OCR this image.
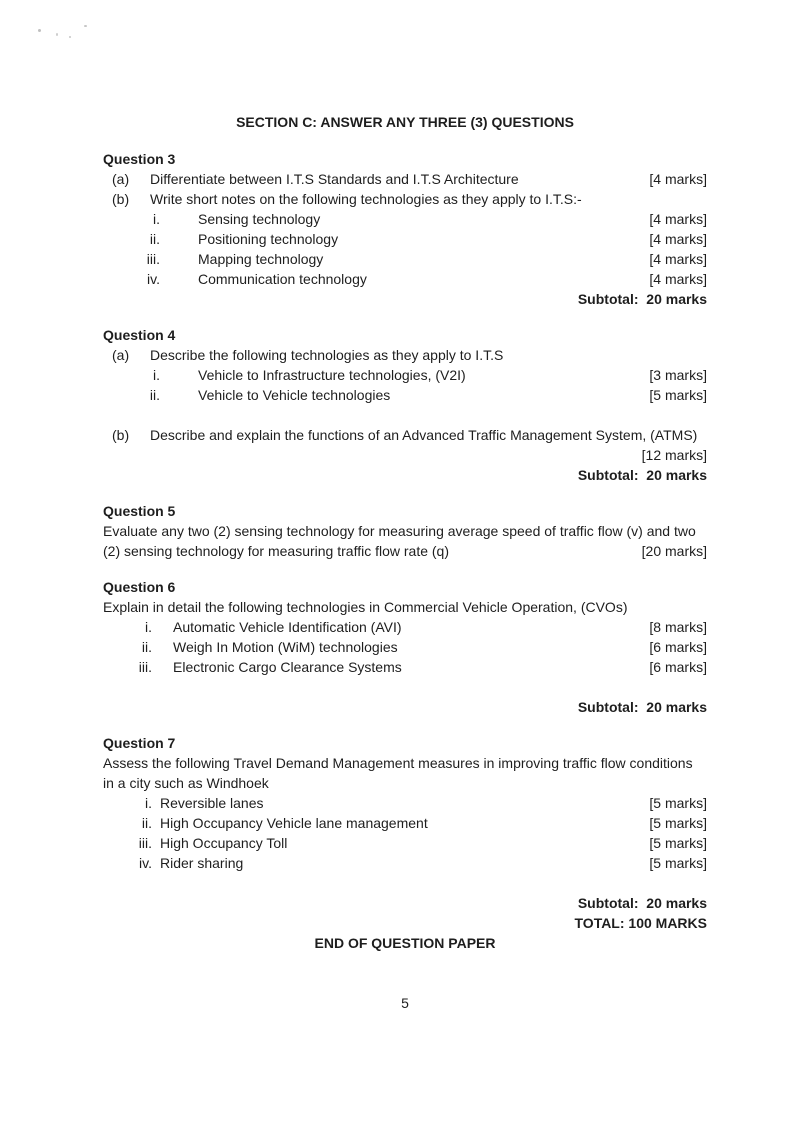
SECTION C: ANSWER ANY THREE (3) QUESTIONS
Question 3
(a)	Differentiate between I.T.S Standards and I.T.S Architecture	[4 marks]
(b)	Write short notes on the following technologies as they apply to I.T.S:-
i.	Sensing technology	[4 marks]
ii.	Positioning technology	[4 marks]
iii.	Mapping technology	[4 marks]
iv.	Communication technology	[4 marks]
Subtotal:  20 marks
Question 4
(a)	Describe the following technologies as they apply to I.T.S
i.	Vehicle to Infrastructure technologies, (V2I)	[3 marks]
ii.	Vehicle to Vehicle technologies	[5 marks]
(b)	Describe and explain the functions of an Advanced Traffic Management System, (ATMS)
[12 marks]
Subtotal:  20 marks
Question 5
Evaluate any two (2) sensing technology for measuring average speed of traffic flow (v) and two
(2) sensing technology for measuring traffic flow rate (q)	[20 marks]
Question 6
Explain in detail the following technologies in Commercial Vehicle Operation, (CVOs)
i. Automatic Vehicle Identification (AVI)	[8 marks]
ii. Weigh In Motion (WiM) technologies	[6 marks]
iii. Electronic Cargo Clearance Systems	[6 marks]
Subtotal:  20 marks
Question 7
Assess the following Travel Demand Management measures in improving traffic flow conditions
in a city such as Windhoek
i. Reversible lanes	[5 marks]
ii. High Occupancy Vehicle lane management	[5 marks]
iii. High Occupancy Toll	[5 marks]
iv. Rider sharing	[5 marks]
Subtotal:  20 marks
TOTAL: 100 MARKS
END OF QUESTION PAPER
5
